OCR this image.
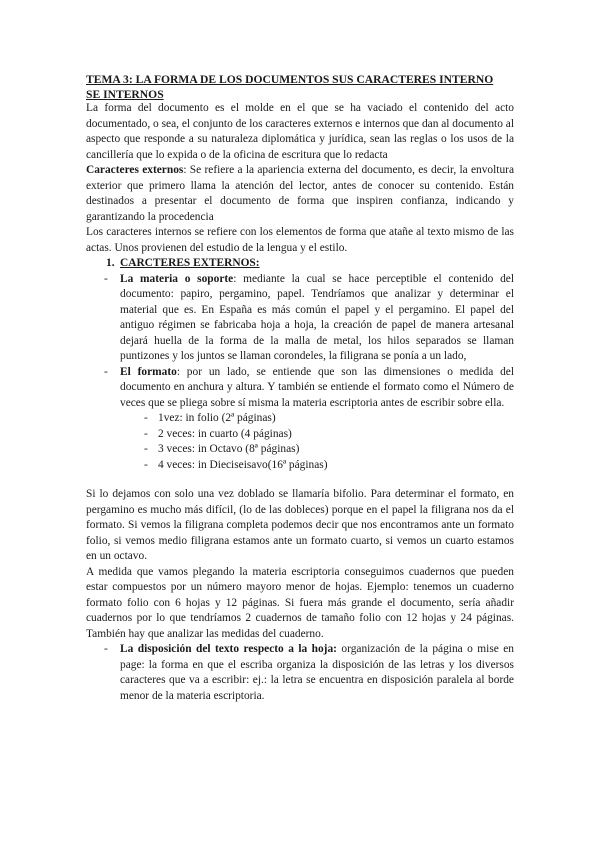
TEMA 3: LA FORMA DE LOS DOCUMENTOS SUS CARACTERES INTERNO
SE INTERNOS

La forma del documento es el molde en el que se ha vaciado el contenido del acto documentado, o sea, el conjunto de los caracteres externos e internos que dan al documento al aspecto que responde a su naturaleza diplomática y jurídica, sean las reglas o los usos de la cancillería que lo expida o de la oficina de escritura que lo redacta

Caracteres externos: Se refiere a la apariencia externa del documento, es decir, la envoltura exterior que primero llama la atención del lector, antes de conocer su contenido. Están destinados a presentar el documento de forma que inspiren confianza, indicando y garantizando la procedencia

Los caracteres internos se refiere con los elementos de forma que atañe al texto mismo de las actas. Unos provienen del estudio de la lengua y el estilo.

1. CARCTERES EXTERNOS:
- La materia o soporte: mediante la cual se hace perceptible el contenido del documento: papiro, pergamino, papel. Tendríamos que analizar y determinar el material que es. En España es más común el papel y el pergamino. El papel del antiguo régimen se fabricaba hoja a hoja, la creación de papel de manera artesanal dejará huella de la forma de la malla de metal, los hilos separados se llaman puntizones y los juntos se llaman corondeles, la filigrana se ponía a un lado,
- El formato: por un lado, se entiende que son las dimensiones o medida del documento en anchura y altura. Y también se entiende el formato como el Número de veces que se pliega sobre sí misma la materia escriptoria antes de escribir sobre ella.
- 1vez: in folio (2ª páginas)
- 2 veces: in cuarto (4 páginas)
- 3 veces: in Octavo (8ª páginas)
- 4 veces: in Dieciseisavo(16ª páginas)

Si lo dejamos con solo una vez doblado se llamaría bifolio. Para determinar el formato, en pergamino es mucho más difícil, (lo de las dobleces) porque en el papel la filigrana nos da el formato. Si vemos la filigrana completa podemos decir que nos encontramos ante un formato folio, si vemos medio filigrana estamos ante un formato cuarto, si vemos un cuarto estamos en un octavo.

A medida que vamos plegando la materia escriptoria conseguimos cuadernos que pueden estar compuestos por un número mayoro menor de hojas. Ejemplo: tenemos un cuaderno formato folio con 6 hojas y 12 páginas. Si fuera más grande el documento, sería añadir cuadernos por lo que tendríamos 2 cuadernos de tamaño folio con 12 hojas y 24 páginas. También hay que analizar las medidas del cuaderno.

- La disposición del texto respecto a la hoja: organización de la página o mise en page: la forma en que el escriba organiza la disposición de las letras y los diversos caracteres que va a escribir: ej.: la letra se encuentra en disposición paralela al borde menor de la materia escriptoria.
